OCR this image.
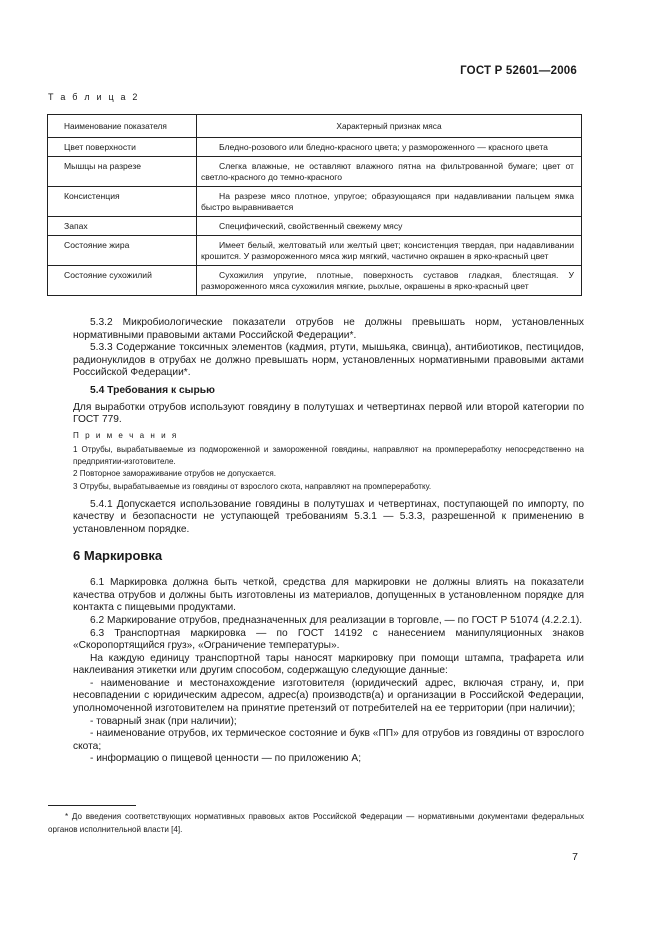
ГОСТ Р 52601—2006
Т а б л и ц а 2
Наименование показателя	Характерный признак мяса
Цвет поверхности	Бледно-розового или бледно-красного цвета; у размороженного — красного цвета
Мышцы на разрезе	Слегка влажные, не оставляют влажного пятна на фильтрованной бумаге; цвет от светло-красного до темно-красного
Консистенция	На разрезе мясо плотное, упругое; образующаяся при надавливании пальцем ямка быстро выравнивается
Запах	Специфический, свойственный свежему мясу
Состояние жира	Имеет белый, желтоватый или желтый цвет; консистенция твердая, при надавливании крошится. У размороженного мяса жир мягкий, частично окрашен в ярко-красный цвет
Состояние сухожилий	Сухожилия упругие, плотные, поверхность суставов гладкая, блестящая. У размороженного мяса сухожилия мягкие, рыхлые, окрашены в ярко-красный цвет

5.3.2 Микробиологические показатели отрубов не должны превышать норм, установленных нормативными правовыми актами Российской Федерации*.

5.3.3 Содержание токсичных элементов (кадмия, ртути, мышьяка, свинца), антибиотиков, пестицидов, радионуклидов в отрубах не должно превышать норм, установленных нормативными правовыми актами Российской Федерации*.

5.4 Требования к сырью

Для выработки отрубов используют говядину в полутушах и четвертинах первой или второй категории по ГОСТ 779.

П р и м е ч а н и я

1 Отрубы, вырабатываемые из подмороженной и замороженной говядины, направляют на промпереработку непосредственно на предприятии-изготовителе.

2 Повторное замораживание отрубов не допускается.

3 Отрубы, вырабатываемые из говядины от взрослого скота, направляют на промпереработку.

5.4.1 Допускается использование говядины в полутушах и четвертинах, поступающей по импорту, по качеству и безопасности не уступающей требованиям 5.3.1 — 5.3.3, разрешенной к применению в установленном порядке.

6 Маркировка

6.1 Маркировка должна быть четкой, средства для маркировки не должны влиять на показатели качества отрубов и должны быть изготовлены из материалов, допущенных в установленном порядке для контакта с пищевыми продуктами.

6.2 Маркирование отрубов, предназначенных для реализации в торговле, — по ГОСТ Р 51074 (4.2.2.1).

6.3 Транспортная маркировка — по ГОСТ 14192 с нанесением манипуляционных знаков «Скоропортящийся груз», «Ограничение температуры».

На каждую единицу транспортной тары наносят маркировку при помощи штампа, трафарета или наклеивания этикетки или другим способом, содержащую следующие данные:

- наименование и местонахождение изготовителя (юридический адрес, включая страну, и, при несовпадении с юридическим адресом, адрес(а) производств(а) и организации в Российской Федерации, уполномоченной изготовителем на принятие претензий от потребителей на ее территории (при наличии);

- товарный знак (при наличии);

- наименование отрубов, их термическое состояние и букв «ПП» для отрубов из говядины от взрослого скота;

- информацию о пищевой ценности — по приложению А;

* До введения соответствующих нормативных правовых актов Российской Федерации — нормативными документами федеральных органов исполнительной власти [4].
7
